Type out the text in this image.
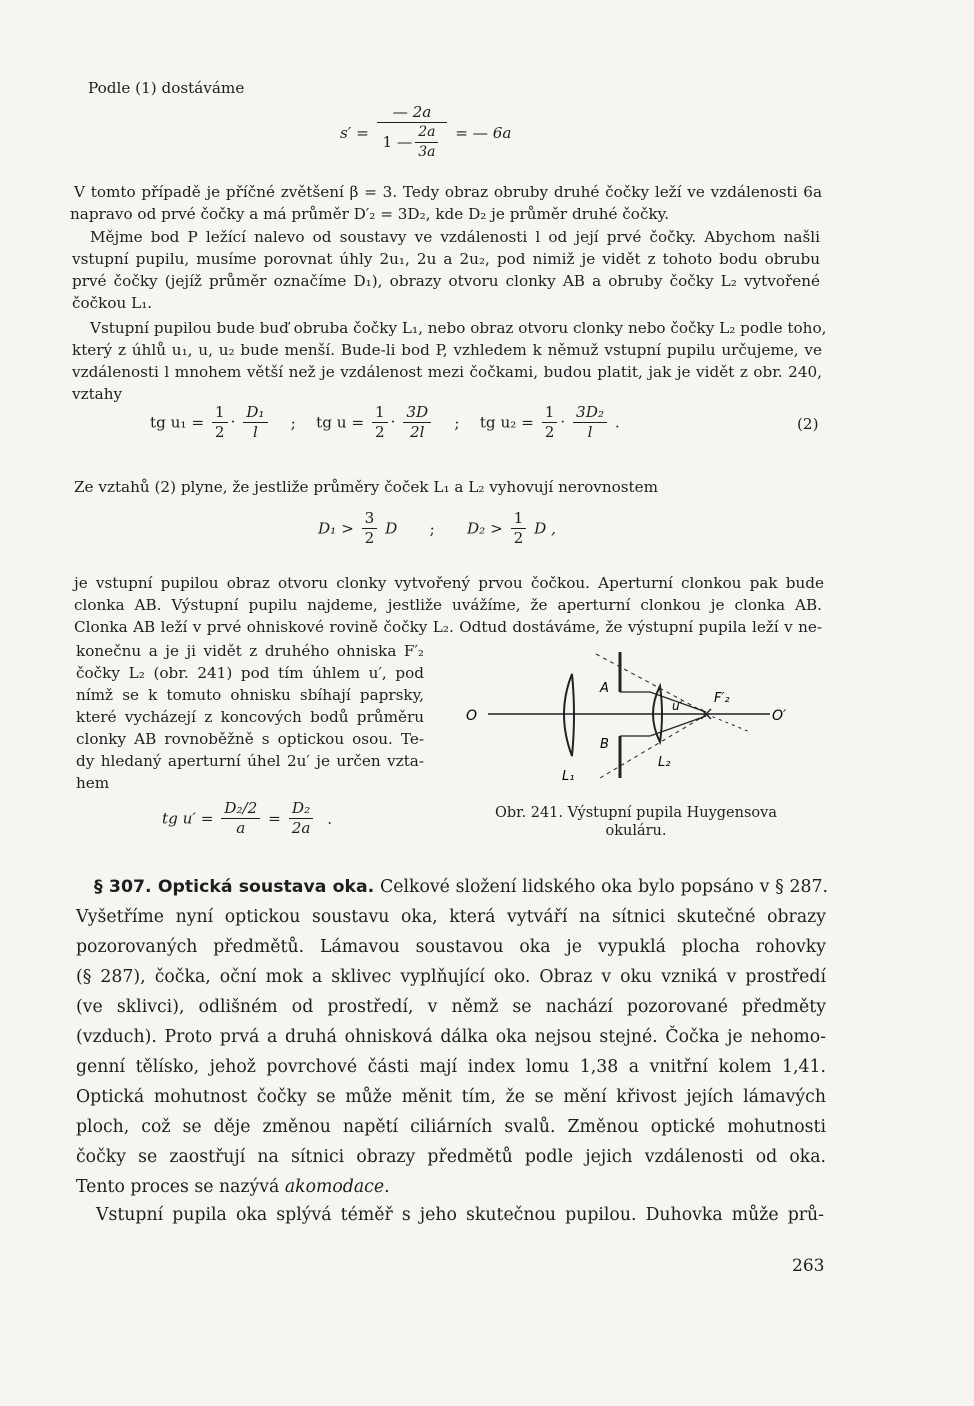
Podle (1) dostáváme
$s' = \frac{— 2a}{1 — \frac{2a}{3a}}$ = — 6a
V tomto případě je příčné zvětšení β = 3. Tedy obraz obruby druhé čočky leží ve vzdálenosti 6a
napravo od prvé čočky a má průměr D′₂ = 3D₂, kde D₂ je průměr druhé čočky.
Mějme bod P ležící nalevo od soustavy ve vzdálenosti l od její prvé čočky. Abychom našli
vstupní pupilu, musíme porovnat úhly 2u₁, 2u a 2u₂, pod nimiž je vidět z tohoto bodu obrubu
prvé čočky (jejíž průměr označíme D₁), obrazy otvoru clonky AB a obruby čočky L₂ vytvořené
čočkou L₁.
Vstupní pupilou bude buď obruba čočky L₁, nebo obraz otvoru clonky nebo čočky L₂ podle toho,
který z úhlů u₁, u, u₂ bude menší. Bude-li bod P, vzhledem k němuž vstupní pupilu určujeme, ve
vzdálenosti l mnohem větší než je vzdálenost mezi čočkami, budou platit, jak je vidět z obr. 240,
vztahy
tg $u_1 = \frac{1}{2} \cdot \frac{\text{D₁}}{l}$ ; tg $u = \frac{1}{2} \cdot \frac{3D}{2l}$ ; tg $u_2 = \frac{1}{2} \cdot \frac{\text{3D₂}}{l}$ .	(2)
Ze vztahů (2) plyne, že jestliže průměry čoček L₁ a L₂ vyhovují nerovnostem
$D_1 > \frac{3}{2}$ D ; $D_2 > \frac{1}{2}$ D ,
je vstupní pupilou obraz otvoru clonky vytvořený prvou čočkou. Aperturní clonkou pak bude
clonka AB. Výstupní pupilu najdeme, jestliže uvážíme, že aperturní clonkou je clonka AB.
Clonka AB leží v prvé ohniskové rovině čočky L₂. Odtud dostáváme, že výstupní pupila leží v ne-
konečnu a je ji vidět z druhého ohniska F′₂
čočky L₂ (obr. 241) pod tím úhlem u′, pod
nímž se k tomuto ohnisku sbíhají paprsky,
které vycházejí z koncových bodů průměru
clonky AB rovnoběžně s optickou osou. Te-
dy hledaný aperturní úhel 2u′ je určen vzta-
hem
tg $u' = \frac{\text{D₂/2}}{a} = \frac{\text{D₂}}{2a}$ .
O	O′
A
B
u′ F′₂
L₁
L₂
Obr. 241. Výstupní pupila Huygensova
okuláru.
§ 307. Optická soustava oka. Celkové složení lidského oka bylo popsáno v § 287.
Vyšetříme nyní optickou soustavu oka, která vytváří na sítnici skutečné obrazy
pozorovaných předmětů. Lámavou soustavou oka je vypuklá plocha rohovky
(§ 287), čočka, oční mok a sklivec vyplňující oko. Obraz v oku vzniká v prostředí
(ve sklivci), odlišném od prostředí, v němž se nachází pozorované předměty
(vzduch). Proto prvá a druhá ohnisková dálka oka nejsou stejné. Čočka je nehomo-
genní tělísko, jehož povrchové části mají index lomu 1,38 a vnitřní kolem 1,41.
Optická mohutnost čočky se může měnit tím, že se mění křivost jejích lámavých
ploch, což se děje změnou napětí ciliárních svalů. Změnou optické mohutnosti
čočky se zaostřují na sítnici obrazy předmětů podle jejich vzdálenosti od oka.
Tento proces se nazývá akomodace.
Vstupní pupila oka splývá téměř s jeho skutečnou pupilou. Duhovka může prů-
263
